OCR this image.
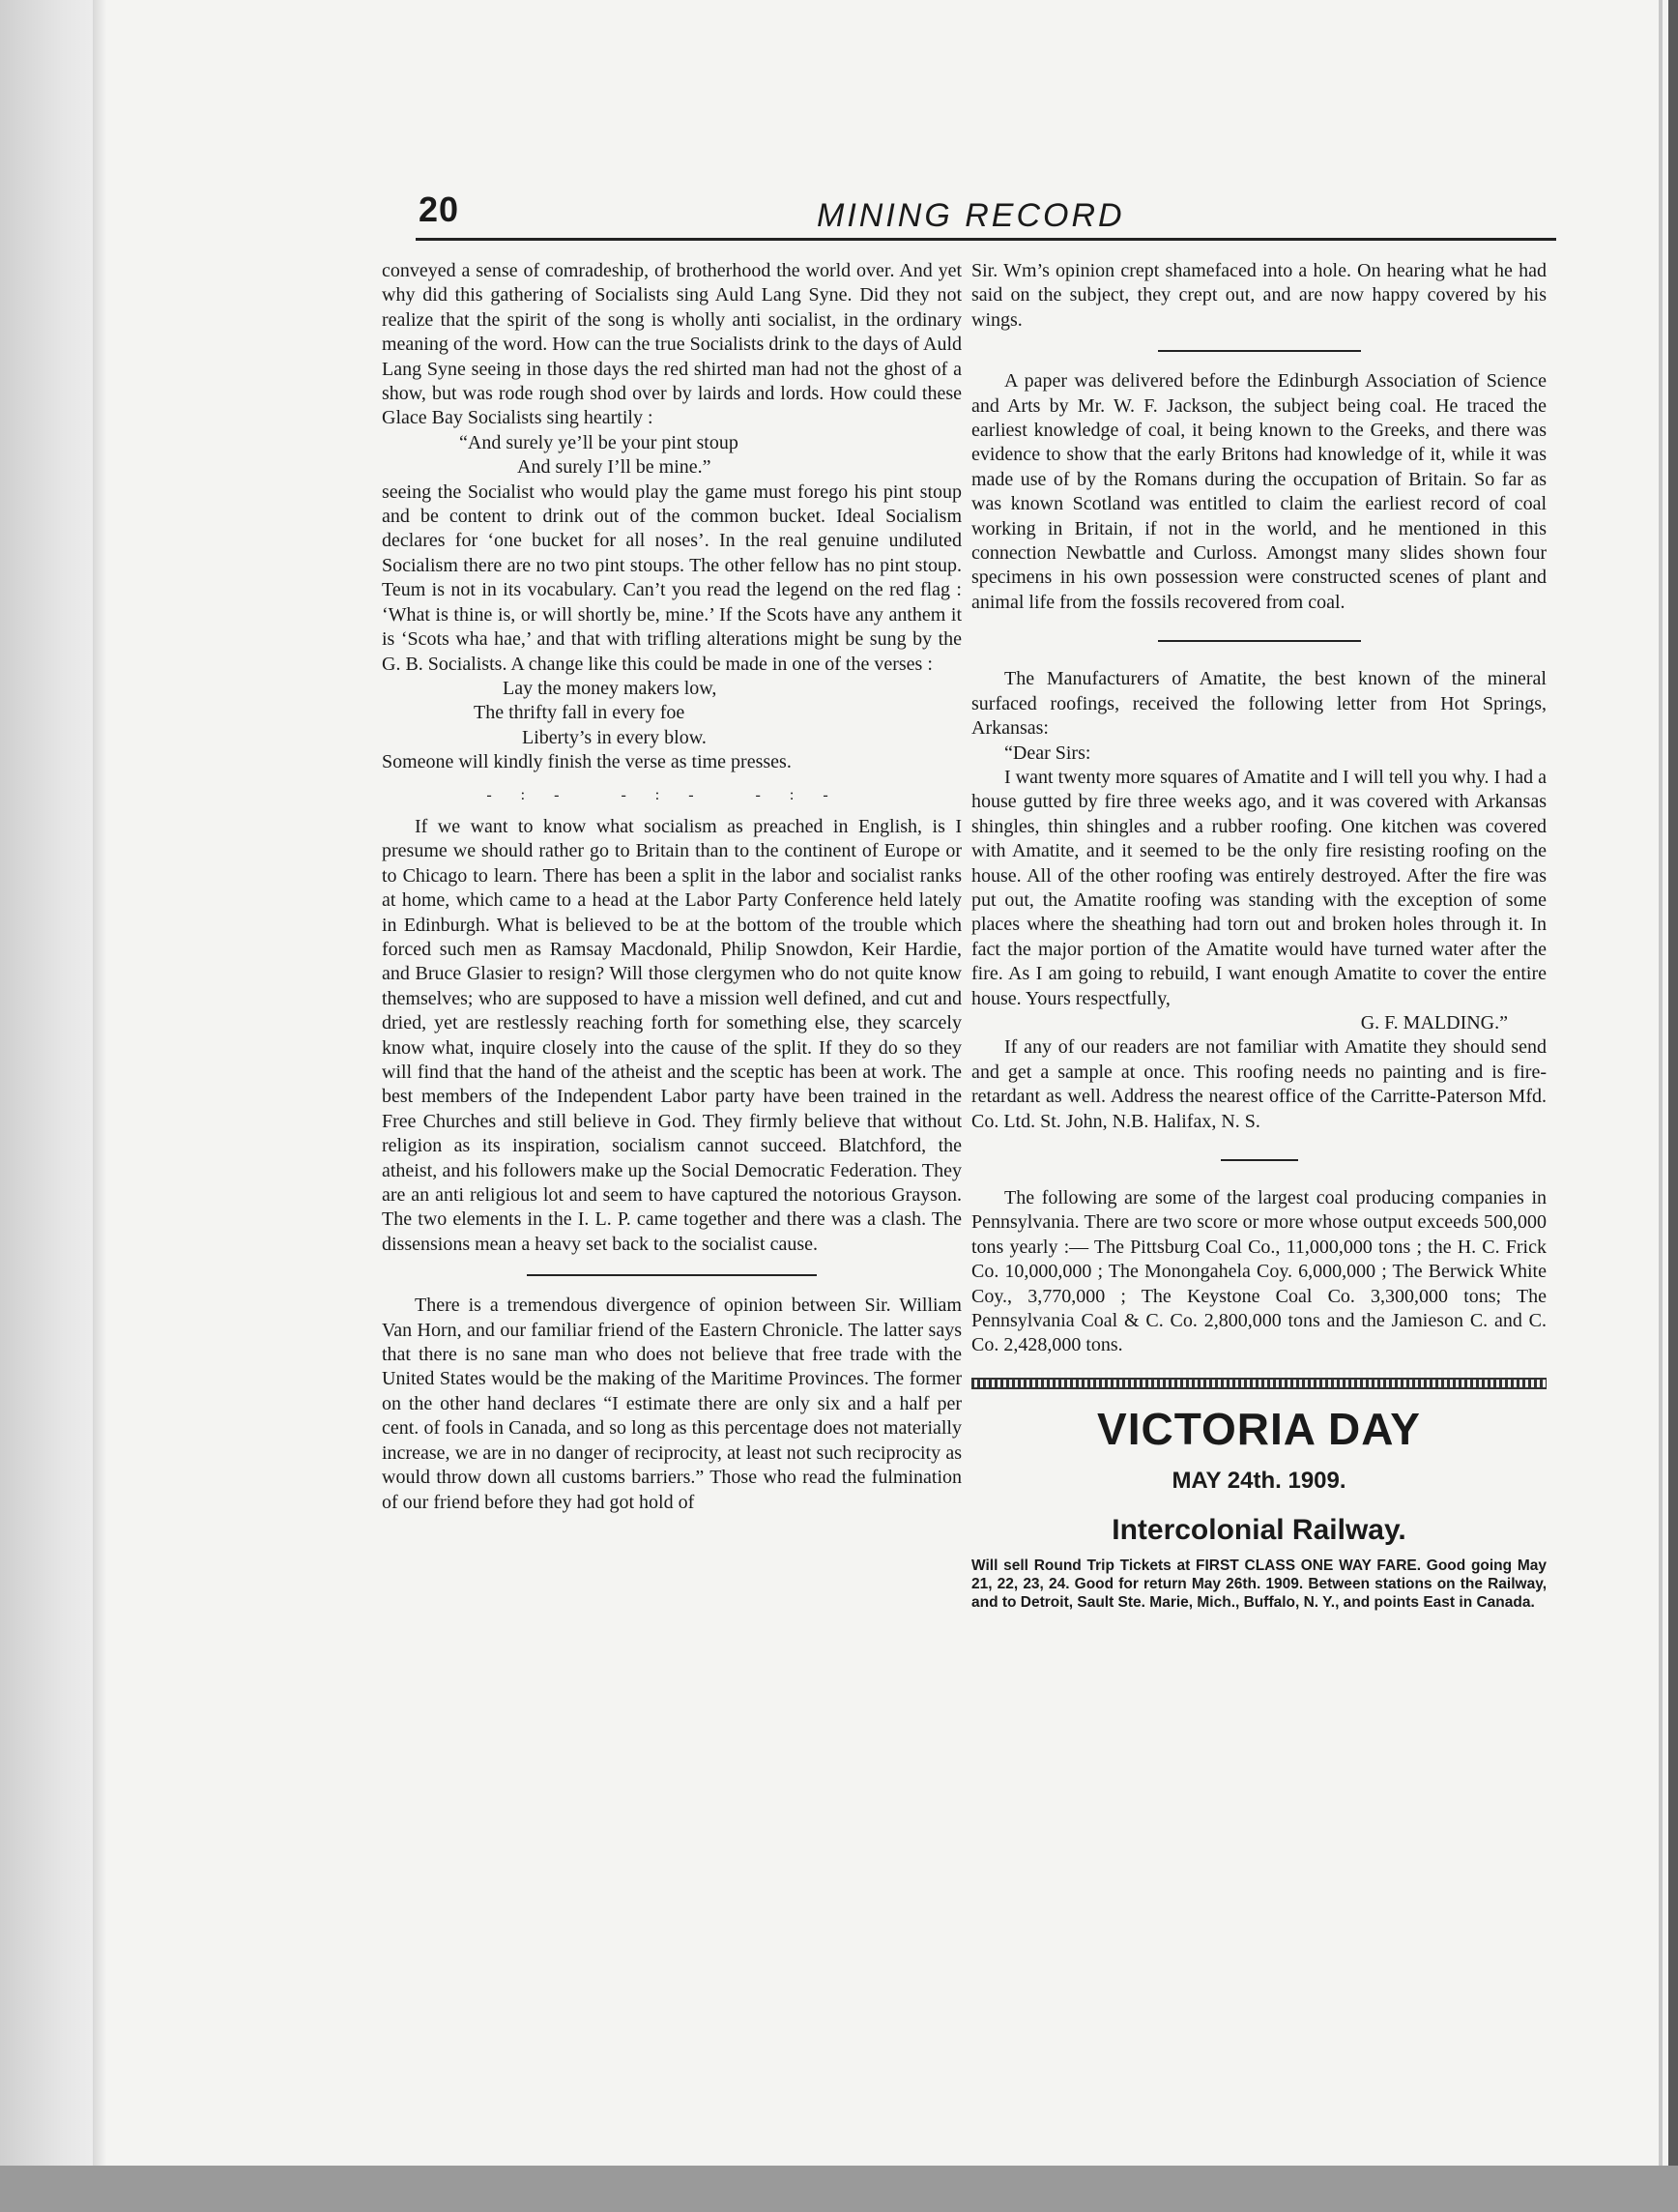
20	MINING RECORD

conveyed a sense of comradeship, of brotherhood the world over. And yet why did this gathering of Socialists sing Auld Lang Syne. Did they not realize that the spirit of the song is wholly anti socialist, in the ordinary meaning of the word. How can the true Socialists drink to the days of Auld Lang Syne seeing in those days the red shirted man had not the ghost of a show, but was rode rough shod over by lairds and lords. How could these Glace Bay Socialists sing heartily :

“And surely ye’ll be your pint stoup
And surely I’ll be mine.”

seeing the Socialist who would play the game must forego his pint stoup and be content to drink out of the common bucket. Ideal Socialism declares for ‘one bucket for all noses’. In the real genuine undiluted Socialism there are no two pint stoups. The other fellow has no pint stoup. Teum is not in its vocabulary. Can’t you read the legend on the red flag : ‘What is thine is, or will shortly be, mine.’ If the Scots have any anthem it is ‘Scots wha hae,’ and that with trifling alterations might be sung by the G. B. Socialists. A change like this could be made in one of the verses :

Lay the money makers low,
The thrifty fall in every foe
Liberty’s in every blow.

Someone will kindly finish the verse as time presses.

-:- -:- -:-

If we want to know what socialism as preached in English, is I presume we should rather go to Britain than to the continent of Europe or to Chicago to learn. There has been a split in the labor and socialist ranks at home, which came to a head at the Labor Party Conference held lately in Edinburgh. What is believed to be at the bottom of the trouble which forced such men as Ramsay Macdonald, Philip Snowdon, Keir Hardie, and Bruce Glasier to resign? Will those clergymen who do not quite know themselves; who are supposed to have a mission well defined, and cut and dried, yet are restlessly reaching forth for something else, they scarcely know what, inquire closely into the cause of the split. If they do so they will find that the hand of the atheist and the sceptic has been at work. The best members of the Independent Labor party have been trained in the Free Churches and still believe in God. They firmly believe that without religion as its inspiration, socialism cannot succeed. Blatchford, the atheist, and his followers make up the Social Democratic Federation. They are an anti religious lot and seem to have captured the notorious Grayson. The two elements in the I. L. P. came together and there was a clash. The dissensions mean a heavy set back to the socialist cause.

There is a tremendous divergence of opinion between Sir. William Van Horn, and our familiar friend of the Eastern Chronicle. The latter says that there is no sane man who does not believe that free trade with the United States would be the making of the Maritime Provinces. The former on the other hand declares “I estimate there are only six and a half per cent. of fools in Canada, and so long as this percentage does not materially increase, we are in no danger of reciprocity, at least not such reciprocity as would throw down all customs barriers.” Those who read the fulmination of our friend before they had got hold of

Sir. Wm’s opinion crept shamefaced into a hole. On hearing what he had said on the subject, they crept out, and are now happy covered by his wings.

A paper was delivered before the Edinburgh Association of Science and Arts by Mr. W. F. Jackson, the subject being coal. He traced the earliest knowledge of coal, it being known to the Greeks, and there was evidence to show that the early Britons had knowledge of it, while it was made use of by the Romans during the occupation of Britain. So far as was known Scotland was entitled to claim the earliest record of coal working in Britain, if not in the world, and he mentioned in this connection Newbattle and Curloss. Amongst many slides shown four specimens in his own possession were constructed scenes of plant and animal life from the fossils recovered from coal.

The Manufacturers of Amatite, the best known of the mineral surfaced roofings, received the following letter from Hot Springs, Arkansas:

“Dear Sirs:

I want twenty more squares of Amatite and I will tell you why. I had a house gutted by fire three weeks ago, and it was covered with Arkansas shingles, thin shingles and a rubber roofing. One kitchen was covered with Amatite, and it seemed to be the only fire resisting roofing on the house. All of the other roofing was entirely destroyed. After the fire was put out, the Amatite roofing was standing with the exception of some places where the sheathing had torn out and broken holes through it. In fact the major portion of the Amatite would have turned water after the fire. As I am going to rebuild, I want enough Amatite to cover the entire house. Yours respectfully,

G. F. MALDING.”

If any of our readers are not familiar with Amatite they should send and get a sample at once. This roofing needs no painting and is fire-retardant as well. Address the nearest office of the Carritte-Paterson Mfd. Co. Ltd. St. John, N.B. Halifax, N. S.

The following are some of the largest coal producing companies in Pennsylvania. There are two score or more whose output exceeds 500,000 tons yearly :— The Pittsburg Coal Co., 11,000,000 tons ; the H. C. Frick Co. 10,000,000 ; The Monongahela Coy. 6,000,000 ; The Berwick White Coy., 3,770,000 ; The Keystone Coal Co. 3,300,000 tons; The Pennsylvania Coal & C. Co. 2,800,000 tons and the Jamieson C. and C. Co. 2,428,000 tons.

VICTORIA DAY
MAY 24th. 1909.
Intercolonial Railway.
Will sell Round Trip Tickets at FIRST CLASS ONE WAY FARE. Good going May 21, 22, 23, 24. Good for return May 26th. 1909. Between stations on the Railway, and to Detroit, Sault Ste. Marie, Mich., Buffalo, N. Y., and points East in Canada.
